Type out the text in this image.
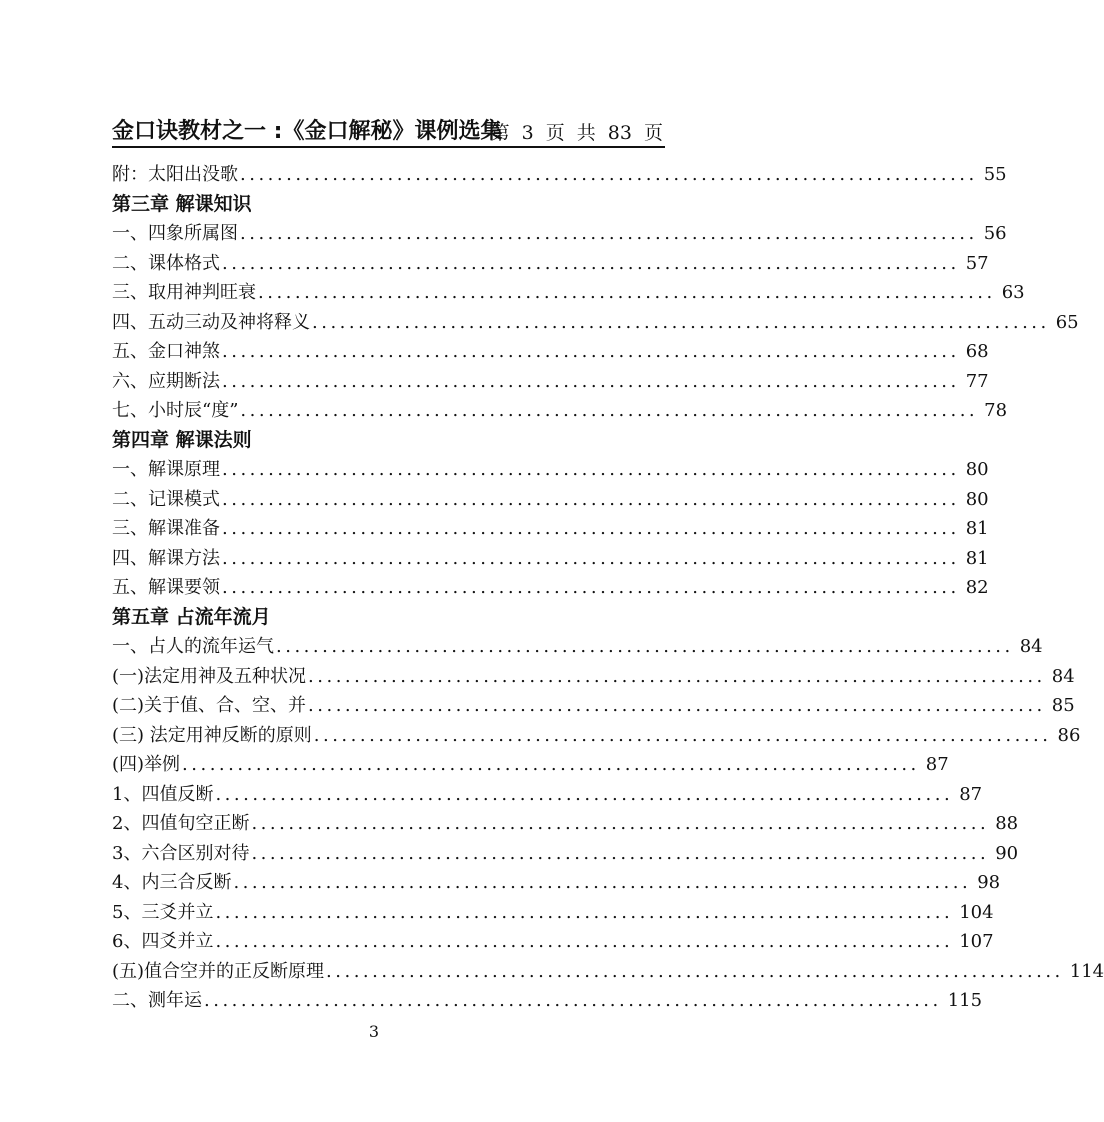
金口诀教材之一 :《金口解秘》课例选集
第 3 页 共 83 页
附：太阳出没歌 ................................................................................ 55
第三章 解课知识
一、四象所属图 ................................................................................ 56
二、课体格式 ................................................................................ 57
三、取用神判旺衰 ................................................................................ 63
四、五动三动及神将释义 ................................................................................ 65
五、金口神煞 ................................................................................ 68
六、应期断法 ................................................................................ 77
七、小时辰“度” ................................................................................ 78
第四章 解课法则
一、解课原理 ................................................................................ 80
二、记课模式 ................................................................................ 80
三、解课准备 ................................................................................ 81
四、解课方法 ................................................................................ 81
五、解课要领 ................................................................................ 82
第五章 占流年流月
一、占人的流年运气 ................................................................................ 84
(一)法定用神及五种状况 ................................................................................ 84
(二)关于值、合、空、并 ................................................................................ 85
(三) 法定用神反断的原则 ................................................................................ 86
(四)举例 ................................................................................ 87
1、四值反断 ................................................................................ 87
2、四值旬空正断 ................................................................................ 88
3、六合区别对待 ................................................................................ 90
4、内三合反断 ................................................................................ 98
5、三爻并立 ................................................................................ 104
6、四爻并立 ................................................................................ 107
(五)值合空并的正反断原理 ................................................................................ 114
二、测年运 ................................................................................ 115
3
